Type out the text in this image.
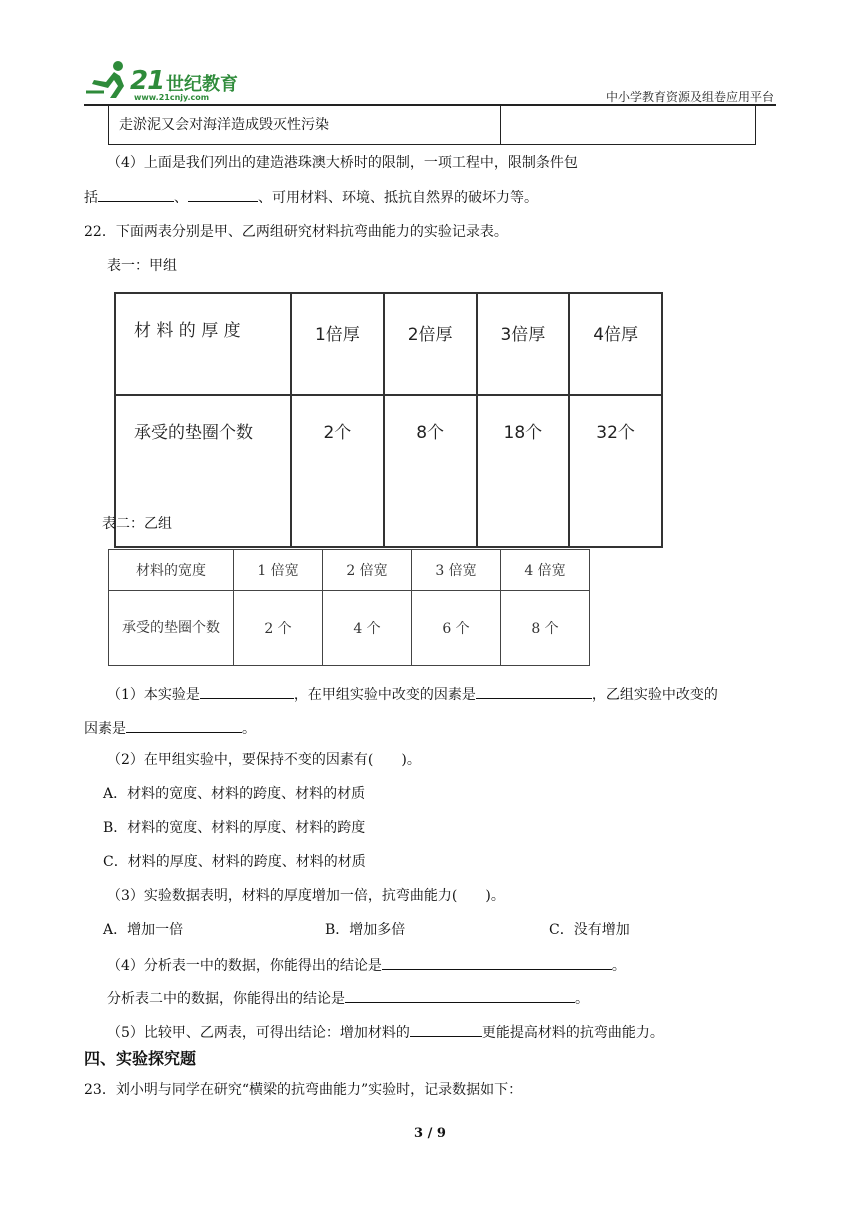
21 世纪教育
www.21cnjy.com	中小学教育资源及组卷应用平台
走淤泥又会对海洋造成毁灭性污染
（4）上面是我们列出的建造港珠澳大桥时的限制，一项工程中，限制条件包
括	、	、可用材料、环境、抵抗自然界的破坏力等。
22．下面两表分别是甲、乙两组研究材料抗弯曲能力的实验记录表。
表一：甲组
材 料 的 厚 度	1倍厚	2倍厚	3倍厚	4倍厚
承受的垫圈个数	2个	8个	18个	32个
表二：乙组
材料的宽度	1 倍宽	2 倍宽	3 倍宽	4 倍宽
承受的垫圈个数	2 个	4 个	6 个	8 个
（1）本实验是	，在甲组实验中改变的因素是	，乙组实验中改变的
因素是	。
（2）在甲组实验中，要保持不变的因素有(　　)。
A．材料的宽度、材料的跨度、材料的材质
B．材料的宽度、材料的厚度、材料的跨度
C．材料的厚度、材料的跨度、材料的材质
（3）实验数据表明，材料的厚度增加一倍，抗弯曲能力(　　)。
A．增加一倍	B．增加多倍	C．没有增加
（4）分析表一中的数据，你能得出的结论是	。
分析表二中的数据，你能得出的结论是	。
（5）比较甲、乙两表，可得出结论：增加材料的	更能提高材料的抗弯曲能力。
四、实验探究题
23．刘小明与同学在研究“横梁的抗弯曲能力”实验时，记录数据如下：
3 / 9
